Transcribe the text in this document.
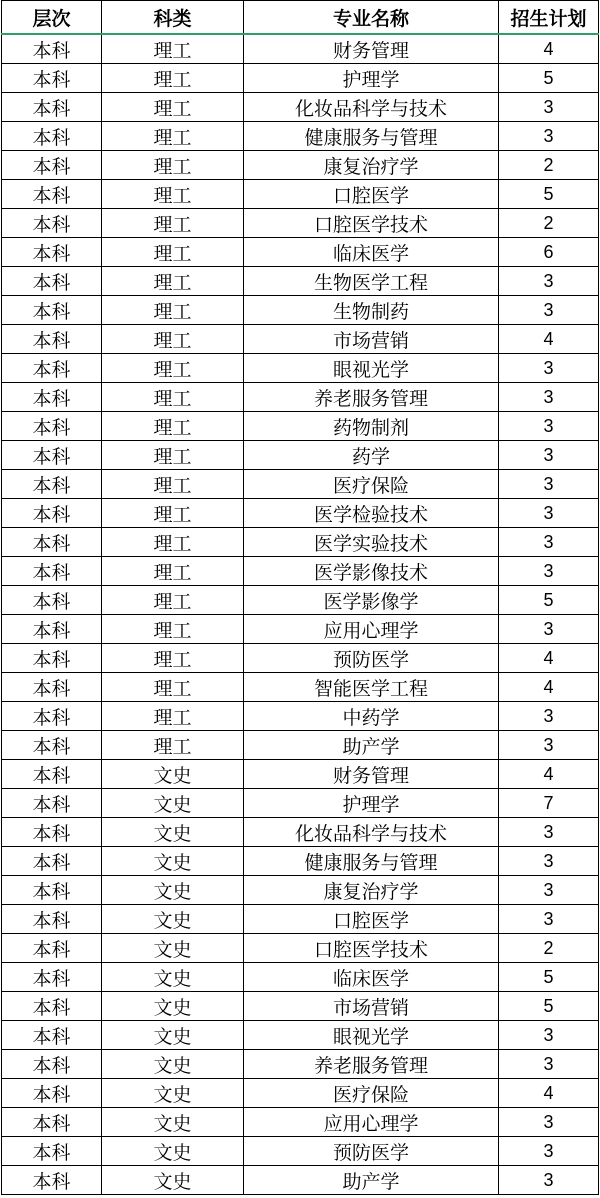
层次	科类	专业名称	招生计划
本科	理工	财务管理	4
本科	理工	护理学	5
本科	理工	化妆品科学与技术	3
本科	理工	健康服务与管理	3
本科	理工	康复治疗学	2
本科	理工	口腔医学	5
本科	理工	口腔医学技术	2
本科	理工	临床医学	6
本科	理工	生物医学工程	3
本科	理工	生物制药	3
本科	理工	市场营销	4
本科	理工	眼视光学	3
本科	理工	养老服务管理	3
本科	理工	药物制剂	3
本科	理工	药学	3
本科	理工	医疗保险	3
本科	理工	医学检验技术	3
本科	理工	医学实验技术	3
本科	理工	医学影像技术	3
本科	理工	医学影像学	5
本科	理工	应用心理学	3
本科	理工	预防医学	4
本科	理工	智能医学工程	4
本科	理工	中药学	3
本科	理工	助产学	3
本科	文史	财务管理	4
本科	文史	护理学	7
本科	文史	化妆品科学与技术	3
本科	文史	健康服务与管理	3
本科	文史	康复治疗学	3
本科	文史	口腔医学	3
本科	文史	口腔医学技术	2
本科	文史	临床医学	5
本科	文史	市场营销	5
本科	文史	眼视光学	3
本科	文史	养老服务管理	3
本科	文史	医疗保险	4
本科	文史	应用心理学	3
本科	文史	预防医学	3
本科	文史	助产学	3
